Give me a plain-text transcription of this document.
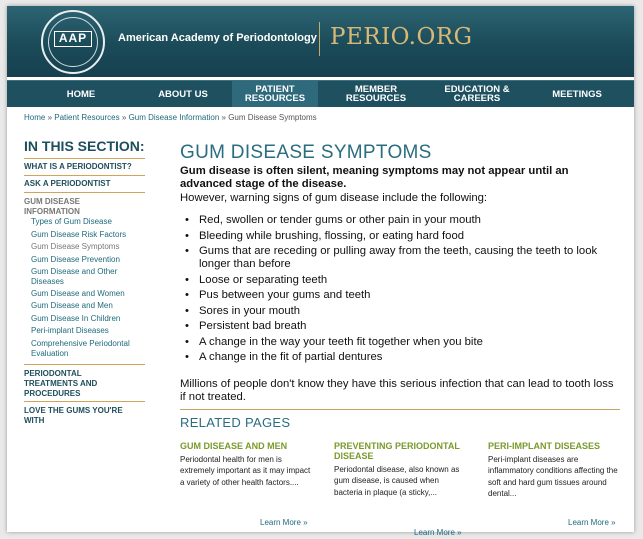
AAP	American Academy of Periodontology PERIO.ORG
HOME	ABOUT US	PATIENT RESOURCES
MEMBER RESOURCES
EDUCATION & CAREERS	MEETINGS
Home » Patient Resources » Gum Disease Information » Gum Disease Symptoms
IN THIS SECTION:
WHAT IS A PERIODONTIST?
ASK A PERIODONTIST
GUM DISEASE INFORMATION
Types of Gum Disease
Gum Disease Risk Factors
Gum Disease Symptoms
Gum Disease Prevention
Gum Disease and Other Diseases
Gum Disease and Women
Gum Disease and Men
Gum Disease In Children
Peri-implant Diseases
Comprehensive Periodontal Evaluation
PERIODONTAL TREATMENTS AND PROCEDURES
LOVE THE GUMS YOU'RE WITH
GUM DISEASE SYMPTOMS
Gum disease is often silent, meaning symptoms may not appear until an advanced stage of the disease.
However, warning signs of gum disease include the following:
• Red, swollen or tender gums or other pain in your mouth
• Bleeding while brushing, flossing, or eating hard food
• Gums that are receding or pulling away from the teeth, causing the teeth to look longer than before
• Loose or separating teeth
• Pus between your gums and teeth
• Sores in your mouth
• Persistent bad breath
• A change in the way your teeth fit together when you bite
• A change in the fit of partial dentures
Millions of people don't know they have this serious infection that can lead to tooth loss if not treated.
RELATED PAGES
GUM DISEASE AND MEN
Periodontal health for men is extremely important as it may impact a variety of other health factors....
Learn More »
PREVENTING PERIODONTAL DISEASE
Periodontal disease, also known as gum disease, is caused when bacteria in plaque (a sticky,...
Learn More »
PERI-IMPLANT DISEASES
Peri-implant diseases are inflammatory conditions affecting the soft and hard gum tissues around dental...
Learn More »
